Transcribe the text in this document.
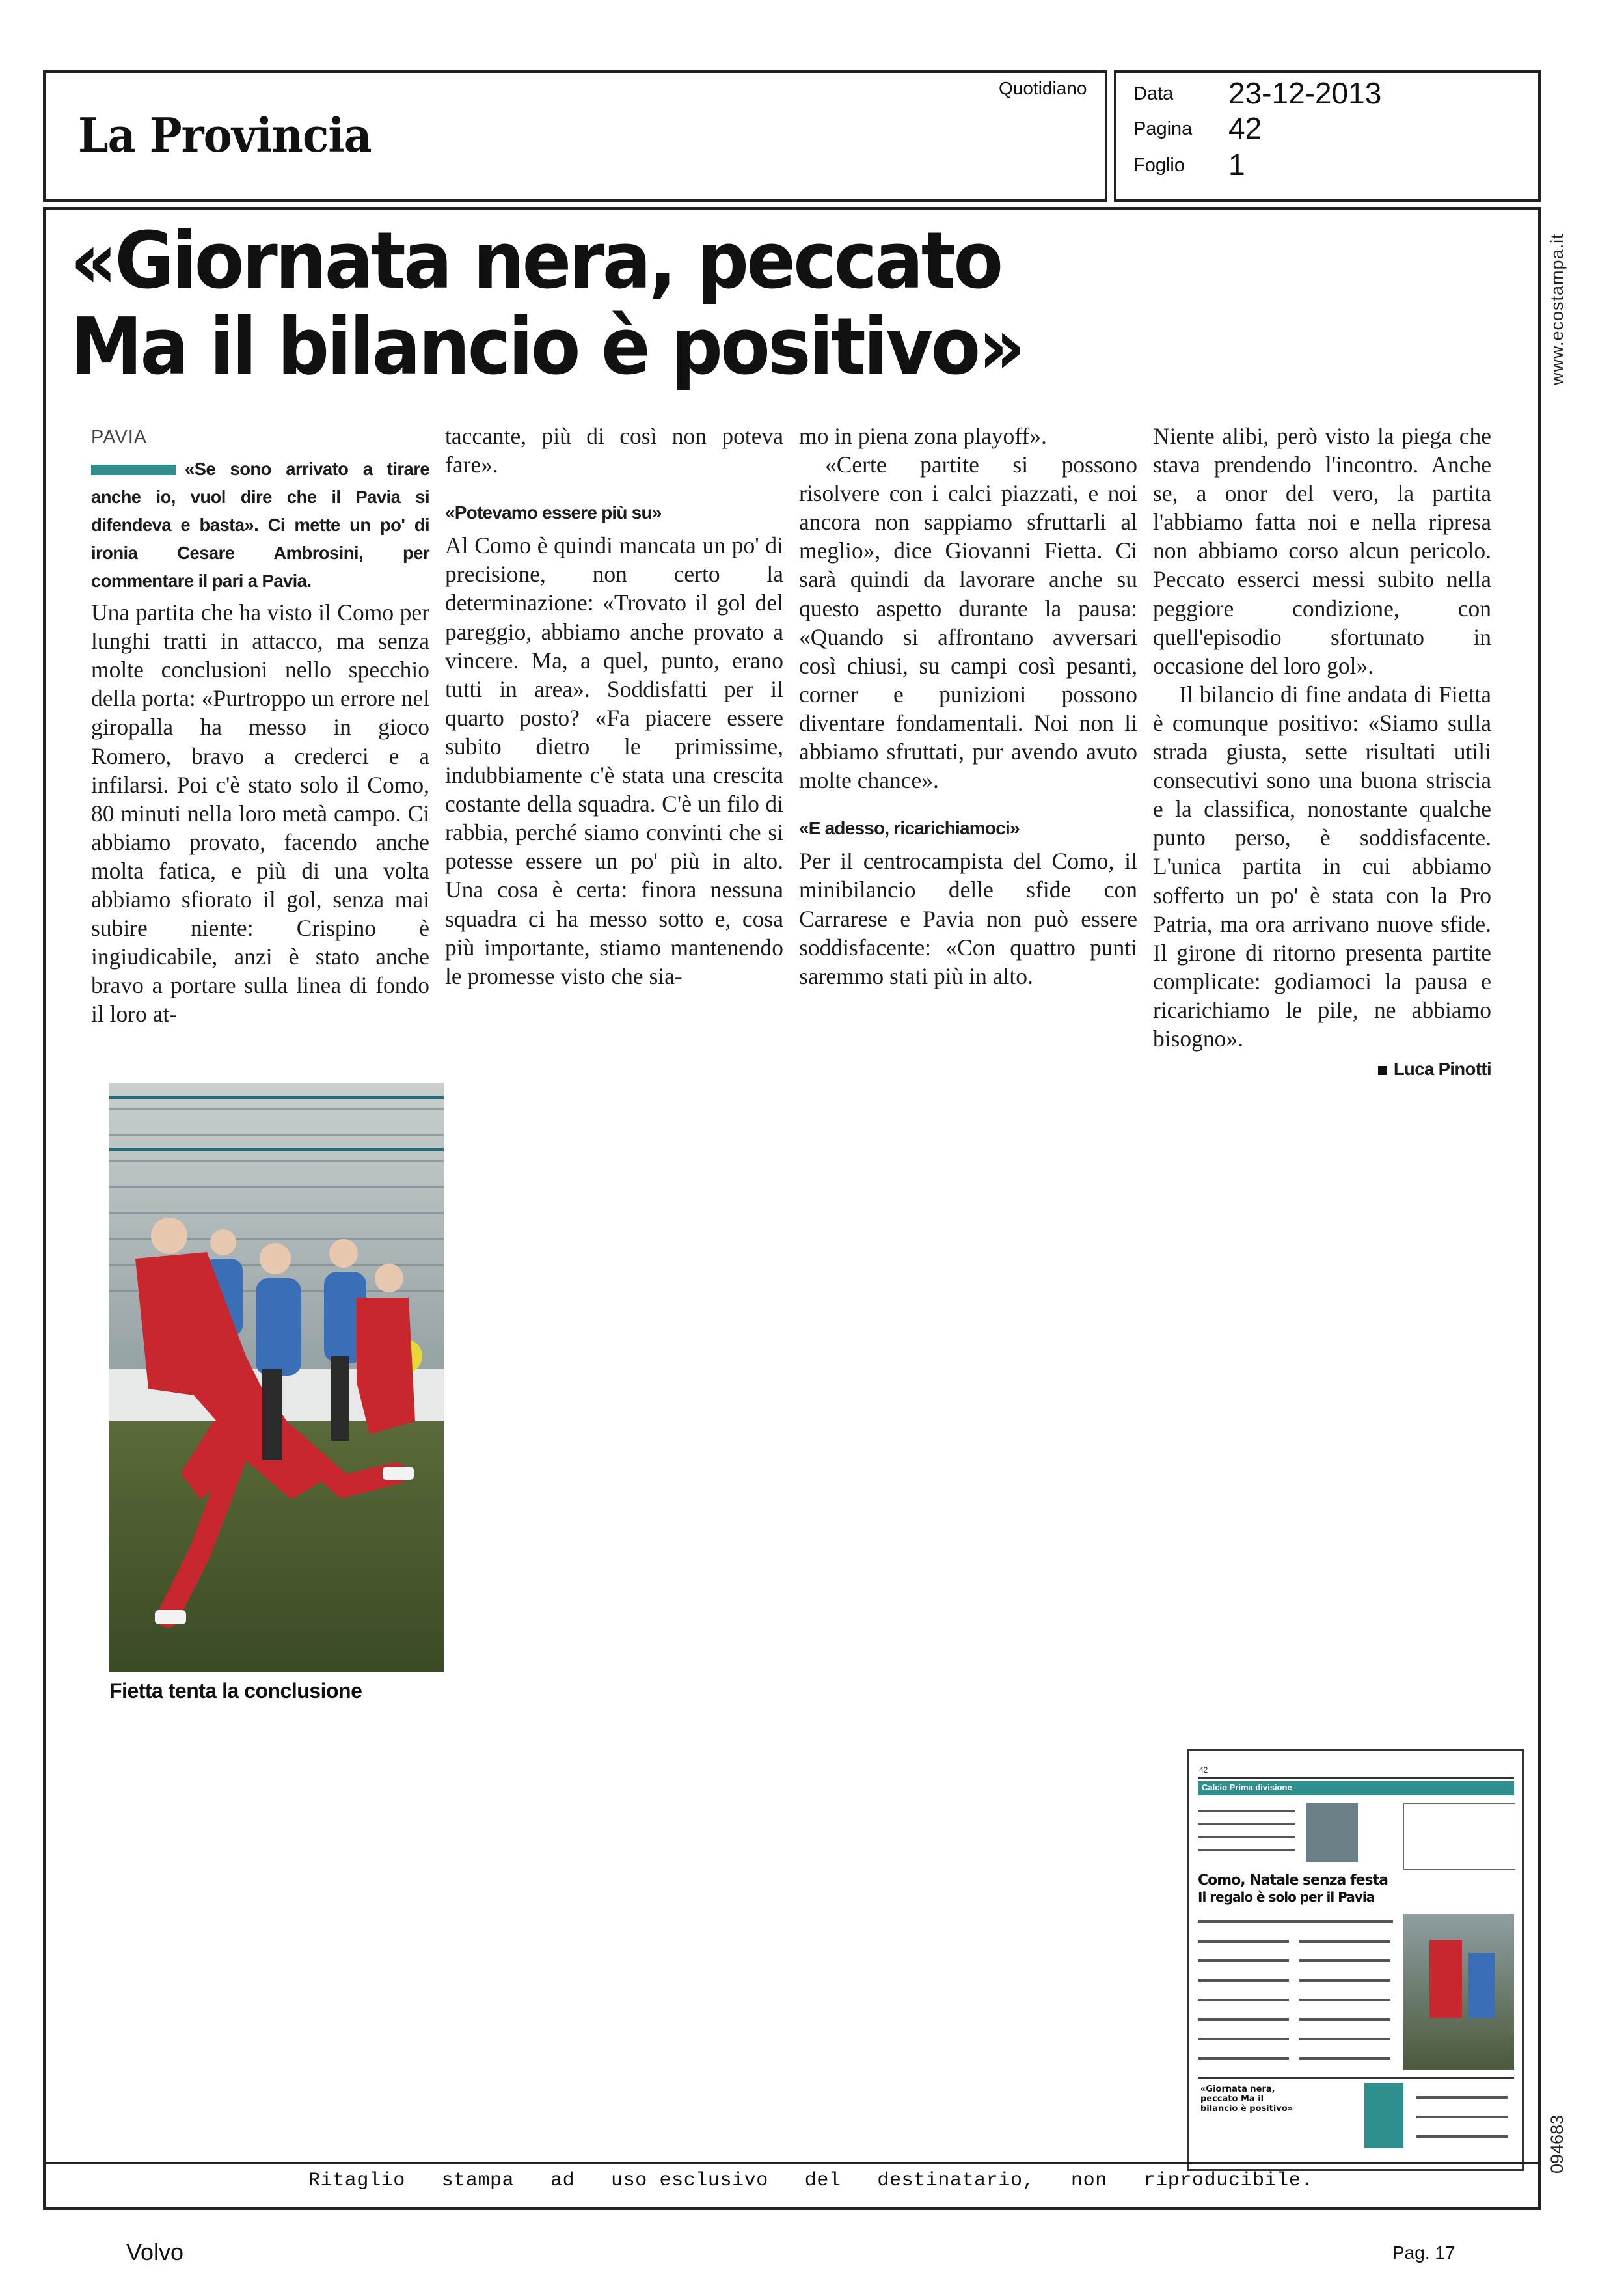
La Provincia
Quotidiano Data 23-12-2013
Pagina 42
Foglio 1
www.ecostampa.it
094683
«Giornata nera, peccato
Ma il bilancio è positivo»
PAVIA
«Se sono arrivato a tirare anche io, vuol dire che il Pavia si difendeva e basta». Ci mette un po' di ironia Cesare Ambrosini, per commentare il pari a Pavia.

Una partita che ha visto il Como per lunghi tratti in attacco, ma senza molte conclusioni nello specchio della porta: «Purtroppo un errore nel giropalla ha messo in gioco Romero, bravo a crederci e a infilarsi. Poi c'è stato solo il Como, 80 minuti nella loro metà campo. Ci abbiamo provato, facendo anche molta fatica, e più di una volta abbiamo sfiorato il gol, senza mai subire niente: Crispino è ingiudicabile, anzi è stato anche bravo a portare sulla linea di fondo il loro at-

taccante, più di così non poteva fare».

«Potevamo essere più su»

Al Como è quindi mancata un po' di precisione, non certo la determinazione: «Trovato il gol del pareggio, abbiamo anche provato a vincere. Ma, a quel, punto, erano tutti in area». Soddisfatti per il quarto posto? «Fa piacere essere subito dietro le primissime, indubbiamente c'è stata una crescita costante della squadra. C'è un filo di rabbia, perché siamo convinti che si potesse essere un po' più in alto. Una cosa è certa: finora nessuna squadra ci ha messo sotto e, cosa più importante, stiamo mantenendo le promesse visto che sia-

mo in piena zona playoff».

«Certe partite si possono risolvere con i calci piazzati, e noi ancora non sappiamo sfruttarli al meglio», dice Giovanni Fietta. Ci sarà quindi da lavorare anche su questo aspetto durante la pausa: «Quando si affrontano avversari così chiusi, su campi così pesanti, corner e punizioni possono diventare fondamentali. Noi non li abbiamo sfruttati, pur avendo avuto molte chance».

«E adesso, ricarichiamoci»

Per il centrocampista del Como, il minibilancio delle sfide con Carrarese e Pavia non può essere soddisfacente: «Con quattro punti saremmo stati più in alto.

Niente alibi, però visto la piega che stava prendendo l'incontro. Anche se, a onor del vero, la partita l'abbiamo fatta noi e nella ripresa non abbiamo corso alcun pericolo. Peccato esserci messi subito nella peggiore condizione, con quell'episodio sfortunato in occasione del loro gol».

Il bilancio di fine andata di Fietta è comunque positivo: «Siamo sulla strada giusta, sette risultati utili consecutivi sono una buona striscia e la classifica, nonostante qualche punto perso, è soddisfacente. L'unica partita in cui abbiamo sofferto un po' è stata con la Pro Patria, ma ora arrivano nuove sfide. Il girone di ritorno presenta partite complicate: godiamoci la pausa e ricarichiamo le pile, ne abbiamo bisogno».

Luca Pinotti

Fietta tenta la conclusione
42
Calcio Prima divisione
Como, Natale senza festa
Il regalo è solo per il Pavia
«Giornata nera, peccato Ma il bilancio è positivo»
Ritaglio   stampa   ad   uso esclusivo   del   destinatario,   non   riproducibile.
Volvo	Pag. 17
